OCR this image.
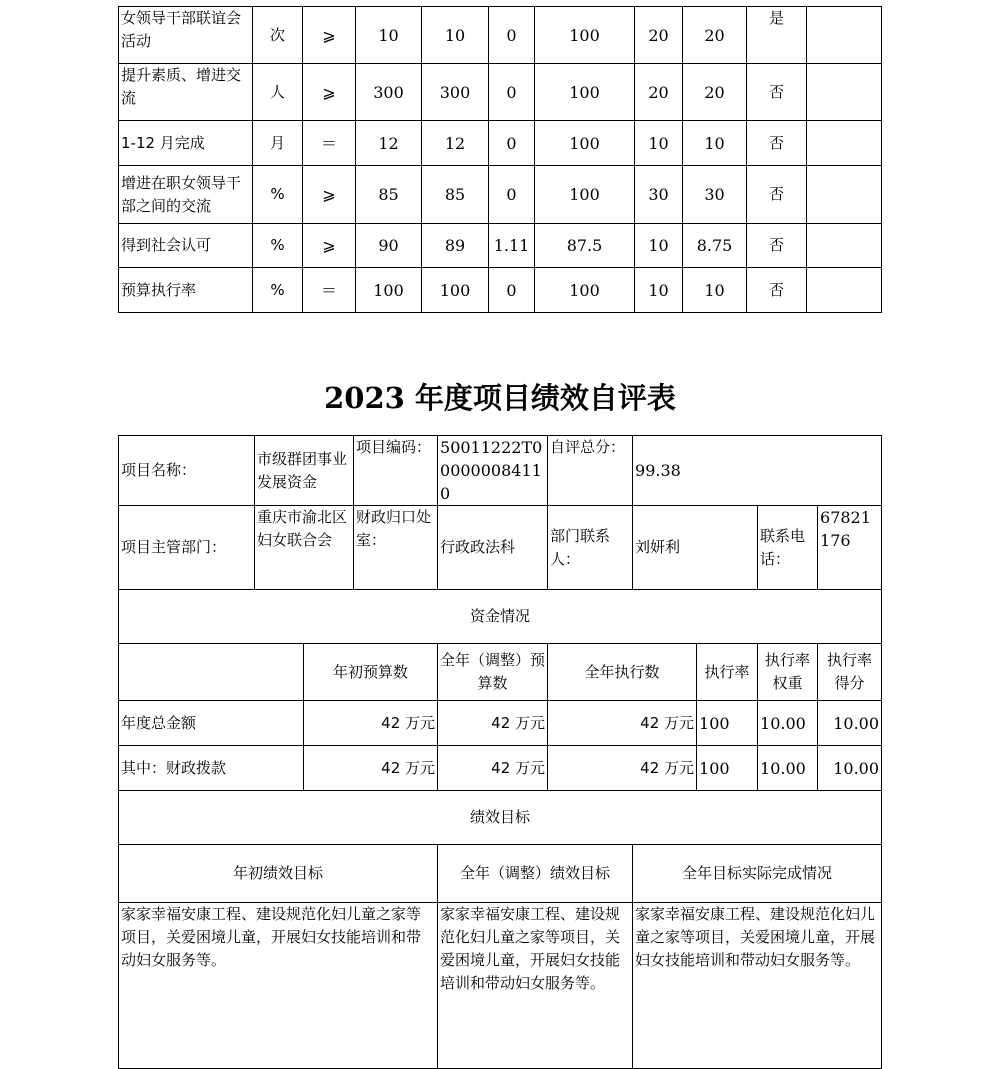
女领导干部联谊会活动	次	⩾	10	10	0	100	20	20	是	
提升素质、增进交流	人	⩾	300	300	0	100	20	20	否	
1-12 月完成	月	＝	12	12	0	100	10	10	否	
增进在职女领导干部之间的交流	%	⩾	85	85	0	100	30	30	否	
得到社会认可	%	⩾	90	89	1.11	87.5	10	8.75	否	
预算执行率	%	＝	100	100	0	100	10	10	否	
2023 年度项目绩效自评表
项目名称：	市级群团事业发展资金		项目编码：	50011222T000000084110	自评总分：	99.38			
项目主管部门：	重庆市渝北区妇女联合会		财政归口处室：	行政政法科	部门联系人：	刘妍利		联系电话：	67821176
资金情况									
		年初预算数		全年（调整）预算数	全年执行数		执行率	执行率权重	执行率得分
年度总金额		42 万元		42 万元	42 万元		100	10.00	10.00
其中：财政拨款		42 万元		42 万元	42 万元		100	10.00	10.00
绩效目标									
年初绩效目标				全年（调整）绩效目标		全年目标实际完成情况			
家家幸福安康工程、建设规范化妇儿童之家等项目，关爱困境儿童，开展妇女技能培训和带动妇女服务等。				家家幸福安康工程、建设规范化妇儿童之家等项目，关爱困境儿童，开展妇女技能培训和带动妇女服务等。		家家幸福安康工程、建设规范化妇儿童之家等项目，关爱困境儿童，开展妇女技能培训和带动妇女服务等。			
